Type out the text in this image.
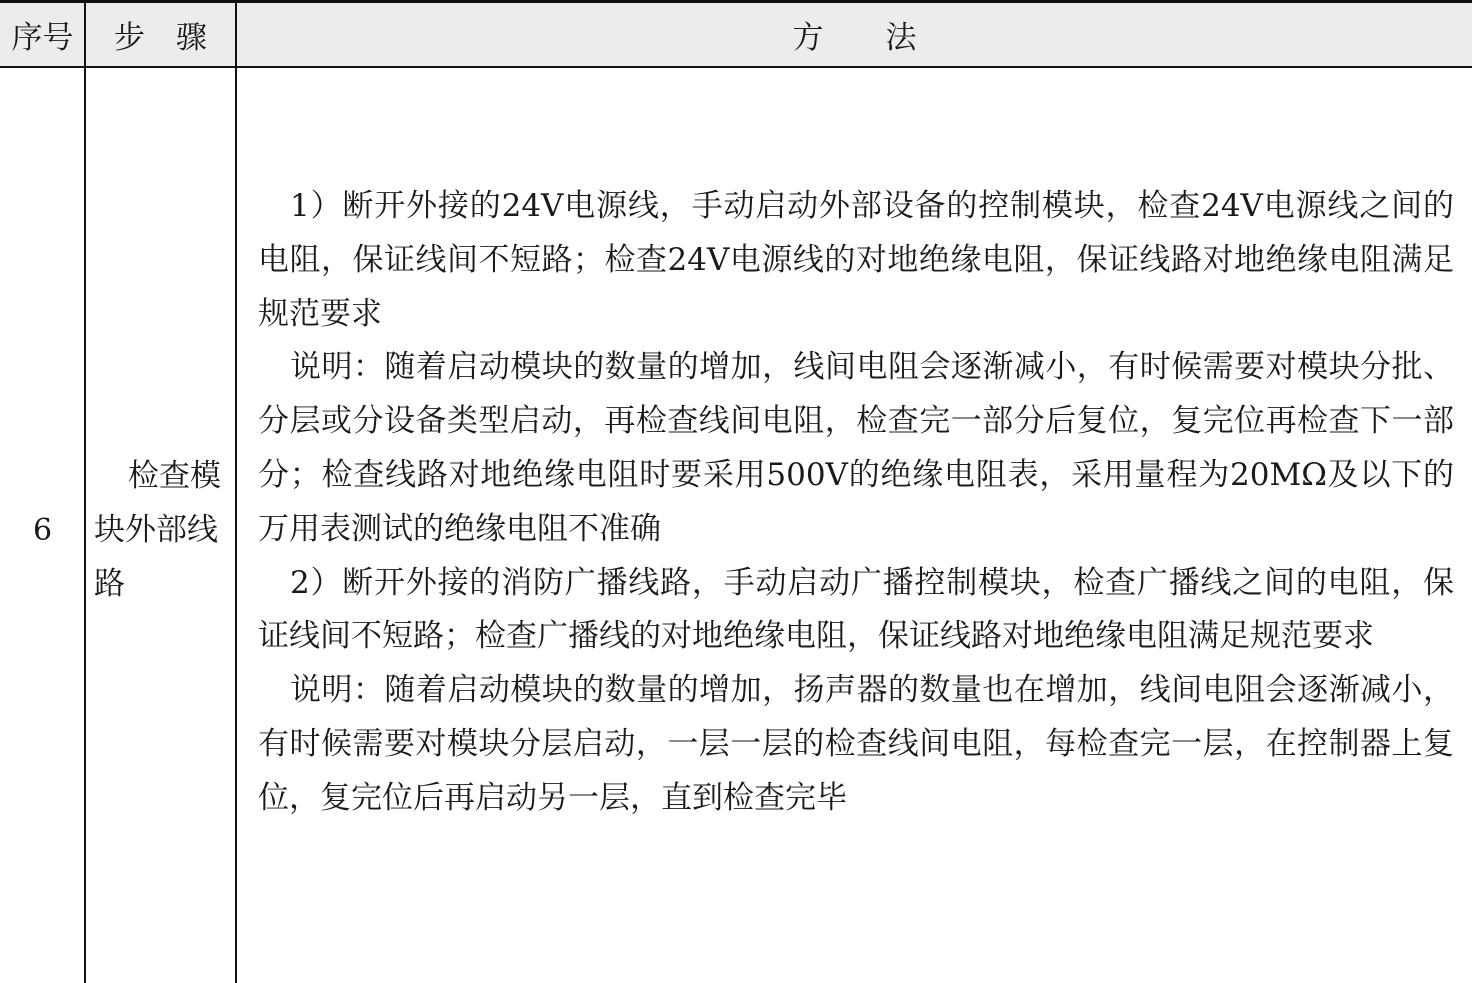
序号	步　骤	方　　法
6
检查模
块外部线
路

1）断开外接的24V电源线，手动启动外部设备的控制模块，检查24V电源线之间的电阻，保证线间不短路；检查24V电源线的对地绝缘电阻，保证线路对地绝缘电阻满足规范要求

说明：随着启动模块的数量的增加，线间电阻会逐渐减小，有时候需要对模块分批、分层或分设备类型启动，再检查线间电阻，检查完一部分后复位，复完位再检查下一部分；检查线路对地绝缘电阻时要采用500V的绝缘电阻表，采用量程为20MΩ及以下的万用表测试的绝缘电阻不准确

2）断开外接的消防广播线路，手动启动广播控制模块，检查广播线之间的电阻，保证线间不短路；检查广播线的对地绝缘电阻，保证线路对地绝缘电阻满足规范要求

说明：随着启动模块的数量的增加，扬声器的数量也在增加，线间电阻会逐渐减小，有时候需要对模块分层启动，一层一层的检查线间电阻，每检查完一层，在控制器上复位，复完位后再启动另一层，直到检查完毕
